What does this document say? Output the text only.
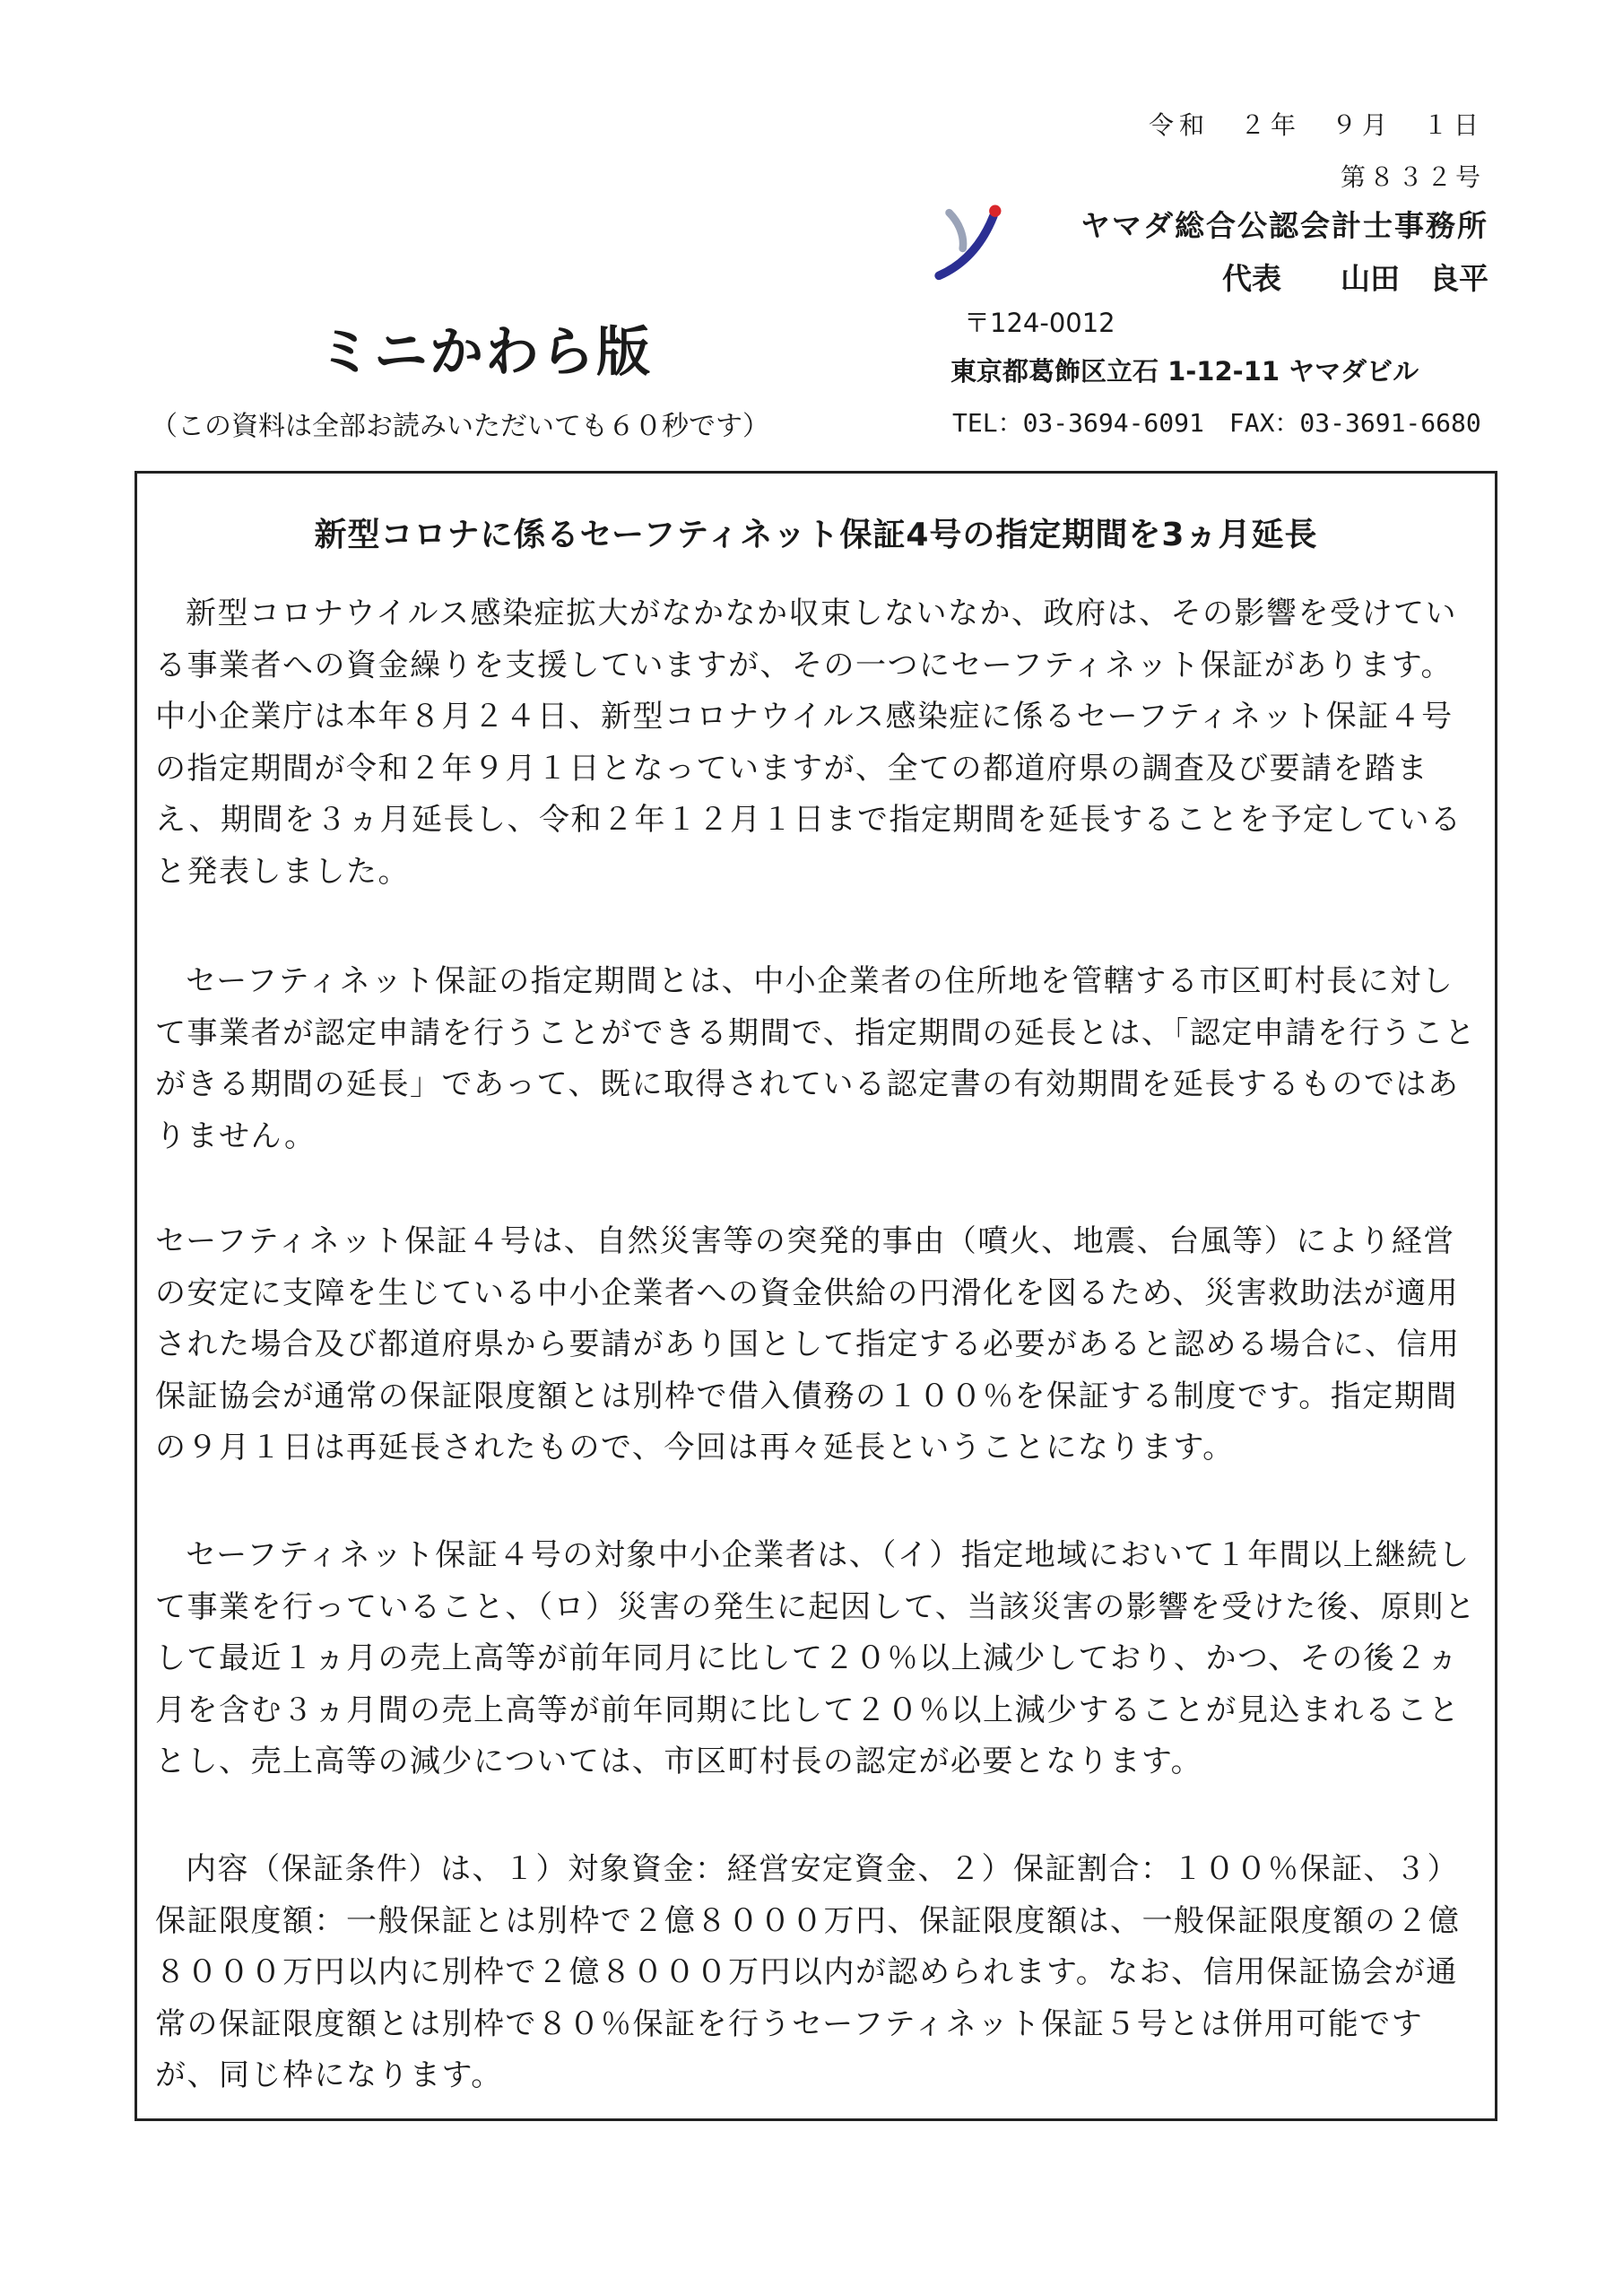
令和　２年　９月　１日
第８３２号
ヤマダ総合公認会計士事務所
代表　　山田　良平
〒124-0012
ミニかわら版	東京都葛飾区立石 1-12-11 ヤマダビル
（この資料は全部お読みいただいても６０秒です）	TEL：03-3694-6091　FAX：03-3691-6680
新型コロナに係るセーフティネット保証4号の指定期間を3ヵ月延長

新型コロナウイルス感染症拡大がなかなか収束しないなか、政府は、その影響を受けている事業者への資金繰りを支援していますが、その一つにセーフティネット保証があります。中小企業庁は本年８月２４日、新型コロナウイルス感染症に係るセーフティネット保証４号の指定期間が令和２年９月１日となっていますが、全ての都道府県の調査及び要請を踏まえ、期間を３ヵ月延長し、令和２年１２月１日まで指定期間を延長することを予定していると発表しました。

セーフティネット保証の指定期間とは、中小企業者の住所地を管轄する市区町村長に対して事業者が認定申請を行うことができる期間で、指定期間の延長とは、「認定申請を行うことがきる期間の延長」であって、既に取得されている認定書の有効期間を延長するものではありません。

セーフティネット保証４号は、自然災害等の突発的事由（噴火、地震、台風等）により経営の安定に支障を生じている中小企業者への資金供給の円滑化を図るため、災害救助法が適用された場合及び都道府県から要請があり国として指定する必要があると認める場合に、信用保証協会が通常の保証限度額とは別枠で借入債務の１００％を保証する制度です。指定期間の９月１日は再延長されたもので、今回は再々延長ということになります。

セーフティネット保証４号の対象中小企業者は、（イ）指定地域において１年間以上継続して事業を行っていること、（ロ）災害の発生に起因して、当該災害の影響を受けた後、原則として最近１ヵ月の売上高等が前年同月に比して２０％以上減少しており、かつ、その後２ヵ月を含む３ヵ月間の売上高等が前年同期に比して２０％以上減少することが見込まれることとし、売上高等の減少については、市区町村長の認定が必要となります。

内容（保証条件）は、１）対象資金：経営安定資金、２）保証割合：１００％保証、３）保証限度額：一般保証とは別枠で２億８０００万円、保証限度額は、一般保証限度額の２億８０００万円以内に別枠で２億８０００万円以内が認められます。なお、信用保証協会が通常の保証限度額とは別枠で８０％保証を行うセーフティネット保証５号とは併用可能ですが、同じ枠になります。
